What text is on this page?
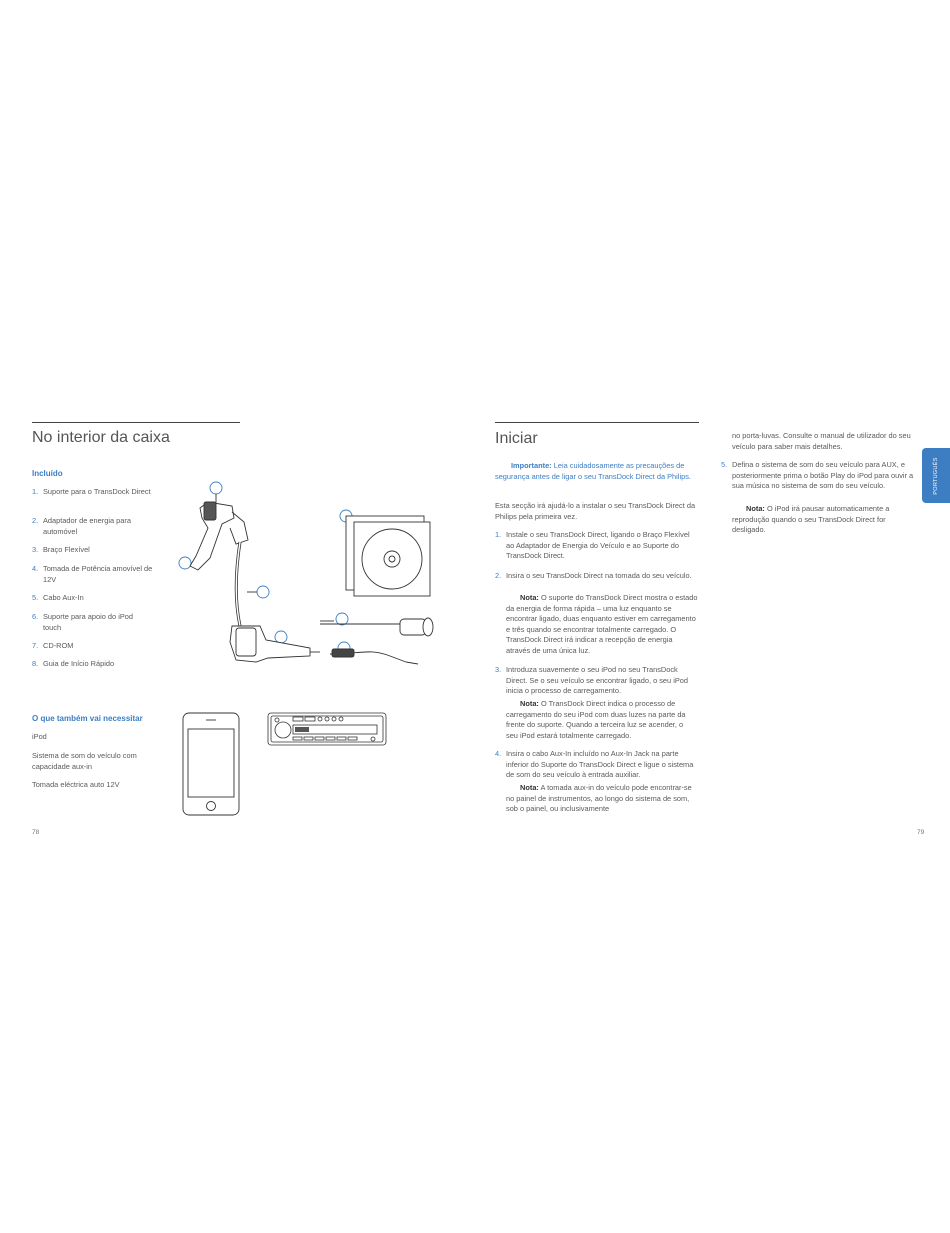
No interior da caixa
Incluído
1. Suporte para o TransDock Direct
2. Adaptador de energia para automóvel
3. Braço Flexível
4. Tomada de Potência amovível de 12V
5. Cabo Aux-In
6. Suporte para apoio do iPod touch
7. CD-ROM
8. Guia de Início Rápido
O que também vai necessitar
iPod
Sistema de som do veículo com capacidade aux-in
Tomada eléctrica auto 12V
78
Iniciar
Importante: Leia cuidadosamente as precauções de segurança antes de ligar o seu TransDock Direct da Philips.
Esta secção irá ajudá-lo a instalar o seu TransDock Direct da Philips pela primeira vez.
1. Instale o seu TransDock Direct, ligando o Braço Flexível ao Adaptador de Energia do Veículo e ao Suporte do TransDock Direct.
2. Insira o seu TransDock Direct na tomada do seu veículo.
Nota: O suporte do TransDock Direct mostra o estado da energia de forma rápida – uma luz enquanto se encontrar ligado, duas enquanto estiver em carregamento e três quando se encontrar totalmente carregado. O TransDock Direct irá indicar a recepção de energia através de uma única luz.
3. Introduza suavemente o seu iPod no seu TransDock Direct. Se o seu veículo se encontrar ligado, o seu iPod inicia o processo de carregamento.
Nota: O TransDock Direct indica o processo de carregamento do seu iPod com duas luzes na parte da frente do suporte. Quando a terceira luz se acender, o seu iPod estará totalmente carregado.
4. Insira o cabo Aux-In incluído no Aux-In Jack na parte inferior do Suporte do TransDock Direct e ligue o sistema de som do seu veículo à entrada auxiliar.
Nota: A tomada aux-in do veículo pode encontrar-se no painel de instrumentos, ao longo do sistema de som, sob o painel, ou inclusivamente
no porta-luvas. Consulte o manual de utilizador do seu veículo para saber mais detalhes.
5. Defina o sistema de som do seu veículo para AUX, e posteriormente prima o botão Play do iPod para ouvir a sua música no sistema de som do seu veículo.
Nota: O iPod irá pausar automaticamente a reprodução quando o seu TransDock Direct for desligado.
PORTUGUÊS
79
